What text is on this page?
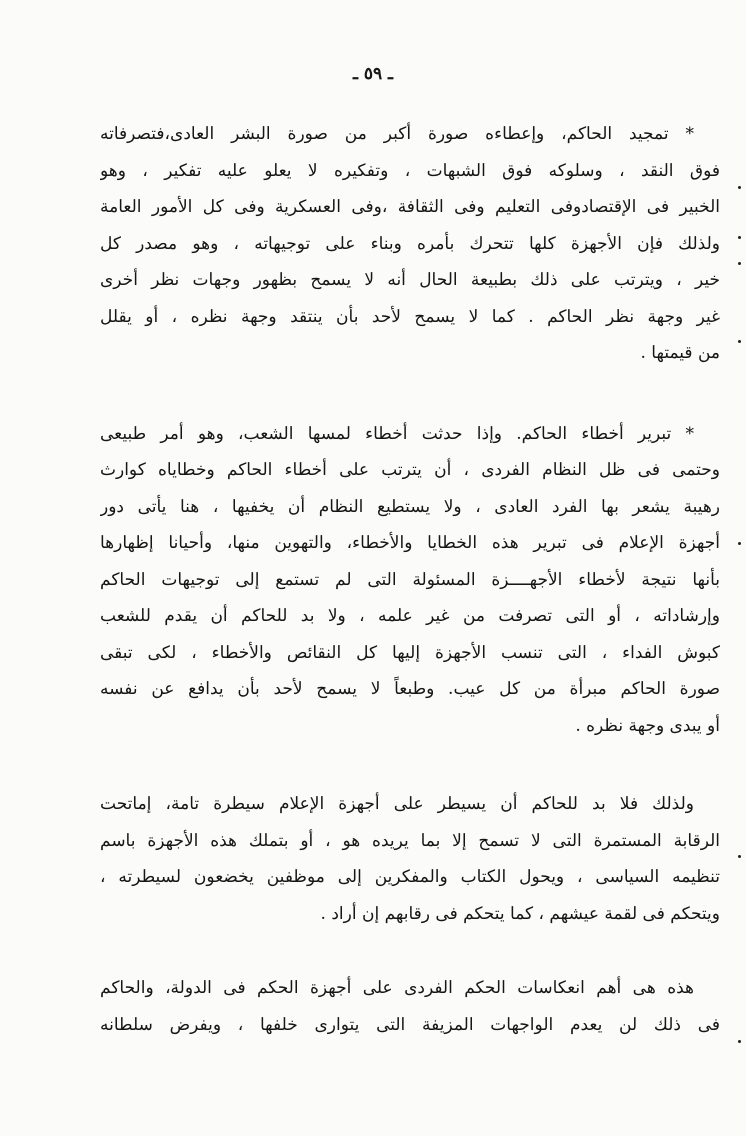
ـ ٥٩ ـ
* تمجيد الحاكم، وإعطاءه صورة أكبر من صورة البشر العادى،فتصرفاته
فوق النقد ، وسلوكه فوق الشبهات ، وتفكيره لا يعلو عليه تفكير ، وهو
الخبير فى الإقتصادوفى التعليم وفى الثقافة ،وفى العسكرية وفى كل الأمور العامة
ولذلك فإن الأجهزة كلها تتحرك بأمره وبناء على توجيهاته ، وهو مصدر كل
خير ، ويترتب على ذلك بطبيعة الحال أنه لا يسمح بظهور وجهات نظر أخرى
غير وجهة نظر الحاكم . كما لا يسمح لأحد بأن ينتقد وجهة نظره ، أو يقلل
من قيمتها .
* تبرير أخطاء الحاكم. وإذا حدثت أخطاء لمسها الشعب، وهو أمر طبيعى
وحتمى فى ظل النظام الفردى ، أن يترتب على أخطاء الحاكم وخطاياه كوارث
رهيبة يشعر بها الفرد العادى ، ولا يستطيع النظام أن يخفيها ، هنا يأتى دور
أجهزة الإعلام فى تبرير هذه الخطايا والأخطاء، والتهوين منها، وأحيانا إظهارها
بأنها نتيجة لأخطاء الأجهــــزة المسئولة التى لم تستمع إلى توجيهات الحاكم
وإرشاداته ، أو التى تصرفت من غير علمه ، ولا بد للحاكم أن يقدم للشعب
كبوش الفداء ، التى تنسب الأجهزة إليها كل النقائص والأخطاء ، لكى تبقى
صورة الحاكم مبرأة من كل عيب. وطبعاً لا يسمح لأحد بأن يدافع عن نفسه
أو يبدى وجهة نظره .
ولذلك فلا بد للحاكم أن يسيطر على أجهزة الإعلام سيطرة تامة، إماتحت
الرقابة المستمرة التى لا تسمح إلا بما يريده هو ، أو بتملك هذه الأجهزة باسم
تنظيمه السياسى ، ويحول الكتاب والمفكرين إلى موظفين يخضعون لسيطرته ،
ويتحكم فى لقمة عيشهم ، كما يتحكم فى رقابهم إن أراد .
هذه هى أهم انعكاسات الحكم الفردى على أجهزة الحكم فى الدولة، والحاكم
فى ذلك لن يعدم الواجهات المزيفة التى يتوارى خلفها ، ويفرض سلطانه
